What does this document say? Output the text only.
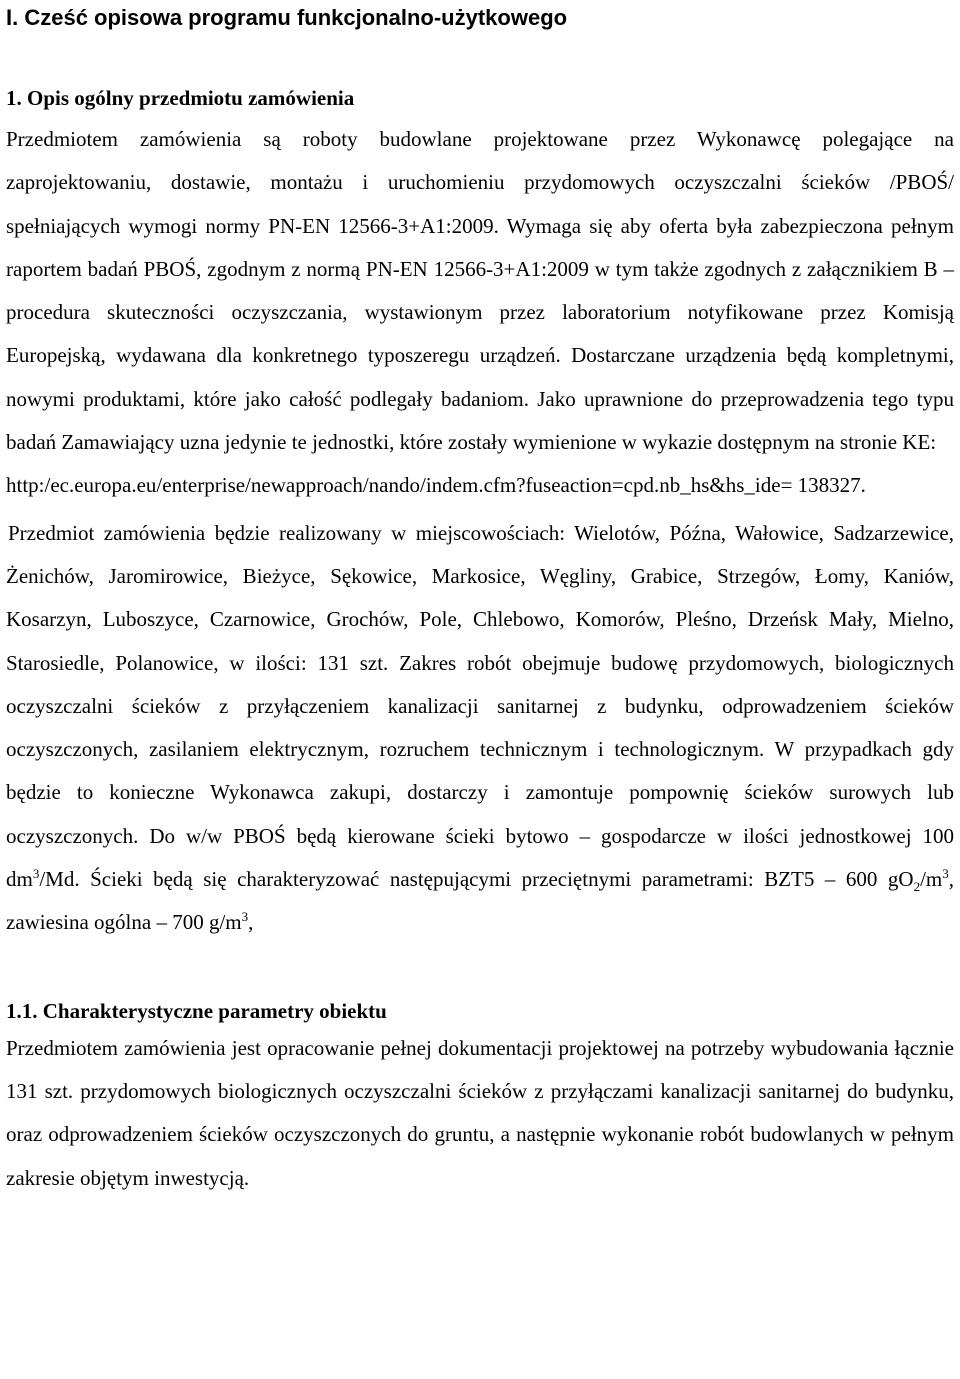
I. Cześć opisowa programu funkcjonalno-użytkowego
1. Opis ogólny przedmiotu zamówienia

Przedmiotem zamówienia są roboty budowlane projektowane przez Wykonawcę polegające na zaprojektowaniu, dostawie, montażu i uruchomieniu przydomowych oczyszczalni ścieków /PBOŚ/ spełniających wymogi normy PN-EN 12566-3+A1:2009. Wymaga się aby oferta była zabezpieczona pełnym raportem badań PBOŚ, zgodnym z normą PN-EN 12566-3+A1:2009 w tym także zgodnych z załącznikiem B – procedura skuteczności oczyszczania, wystawionym przez laboratorium notyfikowane przez Komisją Europejską, wydawana dla konkretnego typoszeregu urządzeń. Dostarczane urządzenia będą kompletnymi, nowymi produktami, które jako całość podlegały badaniom. Jako uprawnione do przeprowadzenia tego typu badań Zamawiający uzna jedynie te jednostki, które zostały wymienione w wykazie dostępnym na stronie KE:
http:/ec.europa.eu/enterprise/newapproach/nando/indem.cfm?fuseaction=cpd.nb_hs&hs_ide= 138327.

Przedmiot zamówienia będzie realizowany w miejscowościach: Wielotów, Późna, Wałowice, Sadzarzewice, Żenichów, Jaromirowice, Bieżyce, Sękowice, Markosice, Węgliny, Grabice, Strzegów, Łomy, Kaniów, Kosarzyn, Luboszyce, Czarnowice, Grochów, Pole, Chlebowo, Komorów, Pleśno, Drzeńsk Mały, Mielno, Starosiedle, Polanowice, w ilości: 131 szt. Zakres robót obejmuje budowę przydomowych, biologicznych oczyszczalni ścieków z przyłączeniem kanalizacji sanitarnej z budynku, odprowadzeniem ścieków oczyszczonych, zasilaniem elektrycznym, rozruchem technicznym i technologicznym. W przypadkach gdy będzie to konieczne Wykonawca zakupi, dostarczy i zamontuje pompownię ścieków surowych lub oczyszczonych. Do w/w PBOŚ będą kierowane ścieki bytowo – gospodarcze w ilości jednostkowej 100 $dm^3/Md$. Ścieki będą się charakteryzować następującymi przeciętnymi parametrami: BZT5 – 600 $gO_2/m^3$, zawiesina ogólna – 700 $g/m^3$,

1.1. Charakterystyczne parametry obiektu

Przedmiotem zamówienia jest opracowanie pełnej dokumentacji projektowej na potrzeby wybudowania łącznie 131 szt. przydomowych biologicznych oczyszczalni ścieków z przyłączami kanalizacji sanitarnej do budynku, oraz odprowadzeniem ścieków oczyszczonych do gruntu, a następnie wykonanie robót budowlanych w pełnym zakresie objętym inwestycją.
